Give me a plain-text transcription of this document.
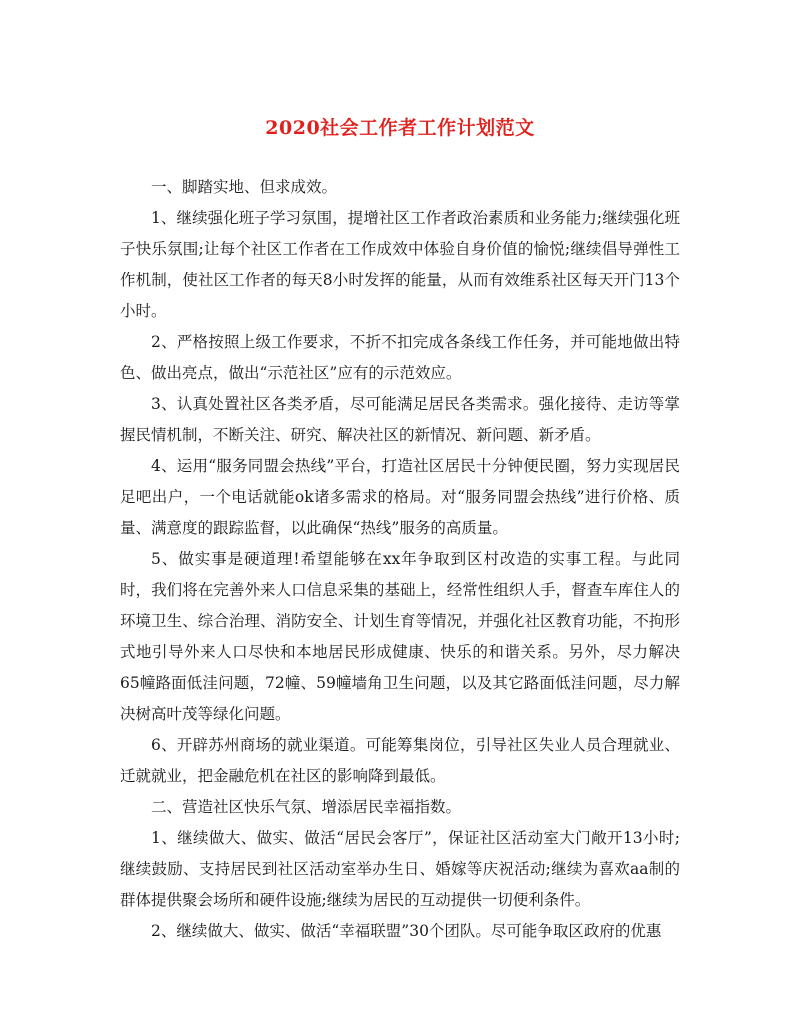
2020社会工作者工作计划范文

一、脚踏实地、但求成效。

1、继续强化班子学习氛围，提增社区工作者政治素质和业务能力;继续强化班子快乐氛围;让每个社区工作者在工作成效中体验自身价值的愉悦;继续倡导弹性工作机制，使社区工作者的每天8小时发挥的能量，从而有效维系社区每天开门13个小时。

2、严格按照上级工作要求，不折不扣完成各条线工作任务，并可能地做出特色、做出亮点，做出“示范社区”应有的示范效应。

3、认真处置社区各类矛盾，尽可能满足居民各类需求。强化接待、走访等掌握民情机制，不断关注、研究、解决社区的新情况、新问题、新矛盾。

4、运用“服务同盟会热线”平台，打造社区居民十分钟便民圈，努力实现居民足吧出户，一个电话就能ok诸多需求的格局。对“服务同盟会热线”进行价格、质量、满意度的跟踪监督，以此确保“热线”服务的高质量。

5、做实事是硬道理!希望能够在xx年争取到区村改造的实事工程。与此同时，我们将在完善外来人口信息采集的基础上，经常性组织人手，督查车库住人的环境卫生、综合治理、消防安全、计划生育等情况，并强化社区教育功能，不拘形式地引导外来人口尽快和本地居民形成健康、快乐的和谐关系。另外，尽力解决65幢路面低洼问题，72幢、59幢墙角卫生问题，以及其它路面低洼问题，尽力解决树高叶茂等绿化问题。

6、开辟苏州商场的就业渠道。可能筹集岗位，引导社区失业人员合理就业、迁就就业，把金融危机在社区的影响降到最低。

二、营造社区快乐气氛、增添居民幸福指数。

1、继续做大、做实、做活“居民会客厅”，保证社区活动室大门敞开13小时;继续鼓励、支持居民到社区活动室举办生日、婚嫁等庆祝活动;继续为喜欢aa制的群体提供聚会场所和硬件设施;继续为居民的互动提供一切便利条件。

2、继续做大、做实、做活“幸福联盟”30个团队。尽可能争取区政府的优惠
